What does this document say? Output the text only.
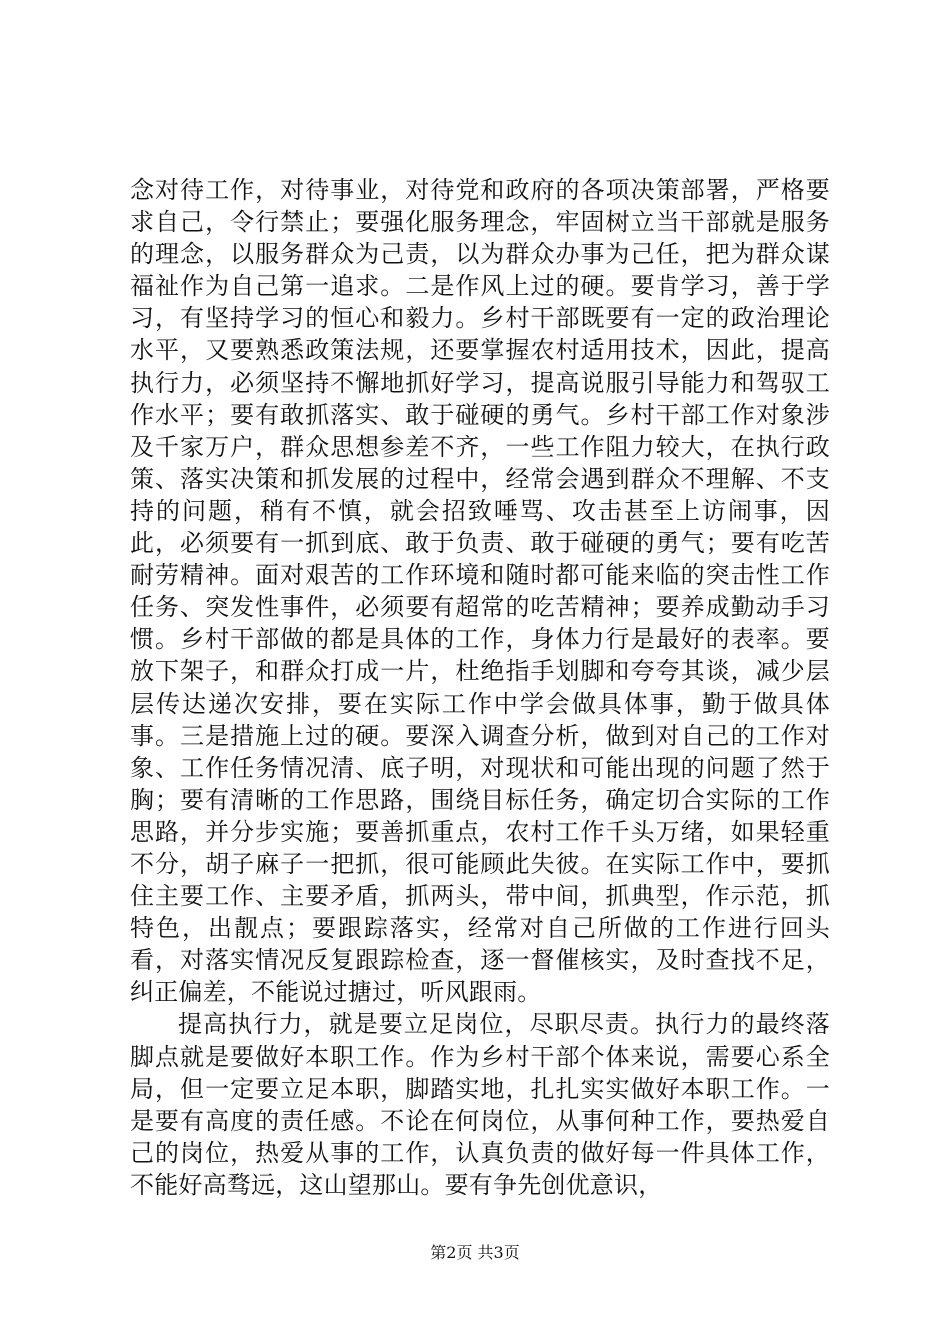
念对待工作，对待事业，对待党和政府的各项决策部署，严格要求自己，令行禁止；要强化服务理念，牢固树立当干部就是服务的理念，以服务群众为己责，以为群众办事为己任，把为群众谋福祉作为自己第一追求。二是作风上过的硬。要肯学习，善于学习，有坚持学习的恒心和毅力。乡村干部既要有一定的政治理论水平，又要熟悉政策法规，还要掌握农村适用技术，因此，提高执行力，必须坚持不懈地抓好学习，提高说服引导能力和驾驭工作水平；要有敢抓落实、敢于碰硬的勇气。乡村干部工作对象涉及千家万户，群众思想参差不齐，一些工作阻力较大，在执行政策、落实决策和抓发展的过程中，经常会遇到群众不理解、不支持的问题，稍有不慎，就会招致唾骂、攻击甚至上访闹事，因此，必须要有一抓到底、敢于负责、敢于碰硬的勇气；要有吃苦耐劳精神。面对艰苦的工作环境和随时都可能来临的突击性工作任务、突发性事件，必须要有超常的吃苦精神；要养成勤动手习惯。乡村干部做的都是具体的工作，身体力行是最好的表率。要放下架子，和群众打成一片，杜绝指手划脚和夸夸其谈，减少层层传达递次安排，要在实际工作中学会做具体事，勤于做具体事。三是措施上过的硬。要深入调查分析，做到对自己的工作对象、工作任务情况清、底子明，对现状和可能出现的问题了然于胸；要有清晰的工作思路，围绕目标任务，确定切合实际的工作思路，并分步实施；要善抓重点，农村工作千头万绪，如果轻重不分，胡子麻子一把抓，很可能顾此失彼。在实际工作中，要抓住主要工作、主要矛盾，抓两头，带中间，抓典型，作示范，抓特色，出靓点；要跟踪落实，经常对自己所做的工作进行回头看，对落实情况反复跟踪检查，逐一督催核实，及时查找不足，纠正偏差，不能说过搪过，听风跟雨。

提高执行力，就是要立足岗位，尽职尽责。执行力的最终落脚点就是要做好本职工作。作为乡村干部个体来说，需要心系全局，但一定要立足本职，脚踏实地，扎扎实实做好本职工作。一是要有高度的责任感。不论在何岗位，从事何种工作，要热爱自己的岗位，热爱从事的工作，认真负责的做好每一件具体工作，不能好高骛远，这山望那山。要有争先创优意识，

第2页 共3页
